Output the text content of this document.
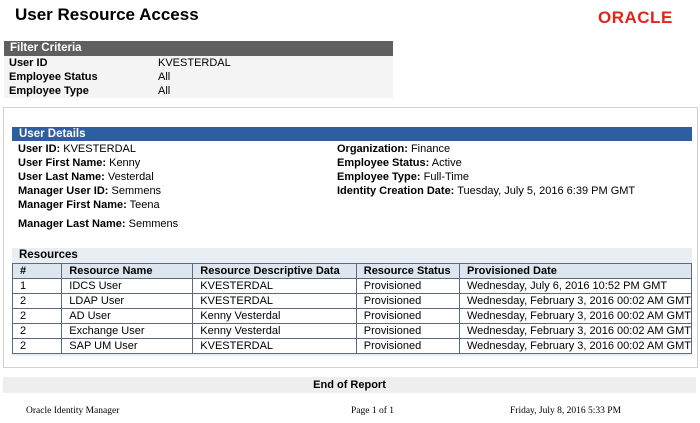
User Resource Access	ORACLE
Filter Criteria
User ID	KVESTERDAL
Employee Status	All
Employee Type	All
User Details
User ID: KVESTERDAL
User First Name: Kenny
User Last Name: Vesterdal
Manager User ID: Semmens
Manager First Name: Teena
Manager Last Name: Semmens
Organization: Finance
Employee Status: Active
Employee Type: Full-Time
Identity Creation Date: Tuesday, July 5, 2016 6:39 PM GMT
Resources
#	Resource Name	Resource Descriptive Data	Resource Status	Provisioned Date
1	IDCS User	KVESTERDAL	Provisioned	Wednesday, July 6, 2016 10:52 PM GMT
2	LDAP User	KVESTERDAL	Provisioned	Wednesday, February 3, 2016 00:02 AM GMT
2	AD User	Kenny Vesterdal	Provisioned	Wednesday, February 3, 2016 00:02 AM GMT
2	Exchange User	Kenny Vesterdal	Provisioned	Wednesday, February 3, 2016 00:02 AM GMT
2	SAP UM User	KVESTERDAL	Provisioned	Wednesday, February 3, 2016 00:02 AM GMT
End of Report
Oracle Identity Manager	Page 1 of 1	Friday, July 8, 2016 5:33 PM
